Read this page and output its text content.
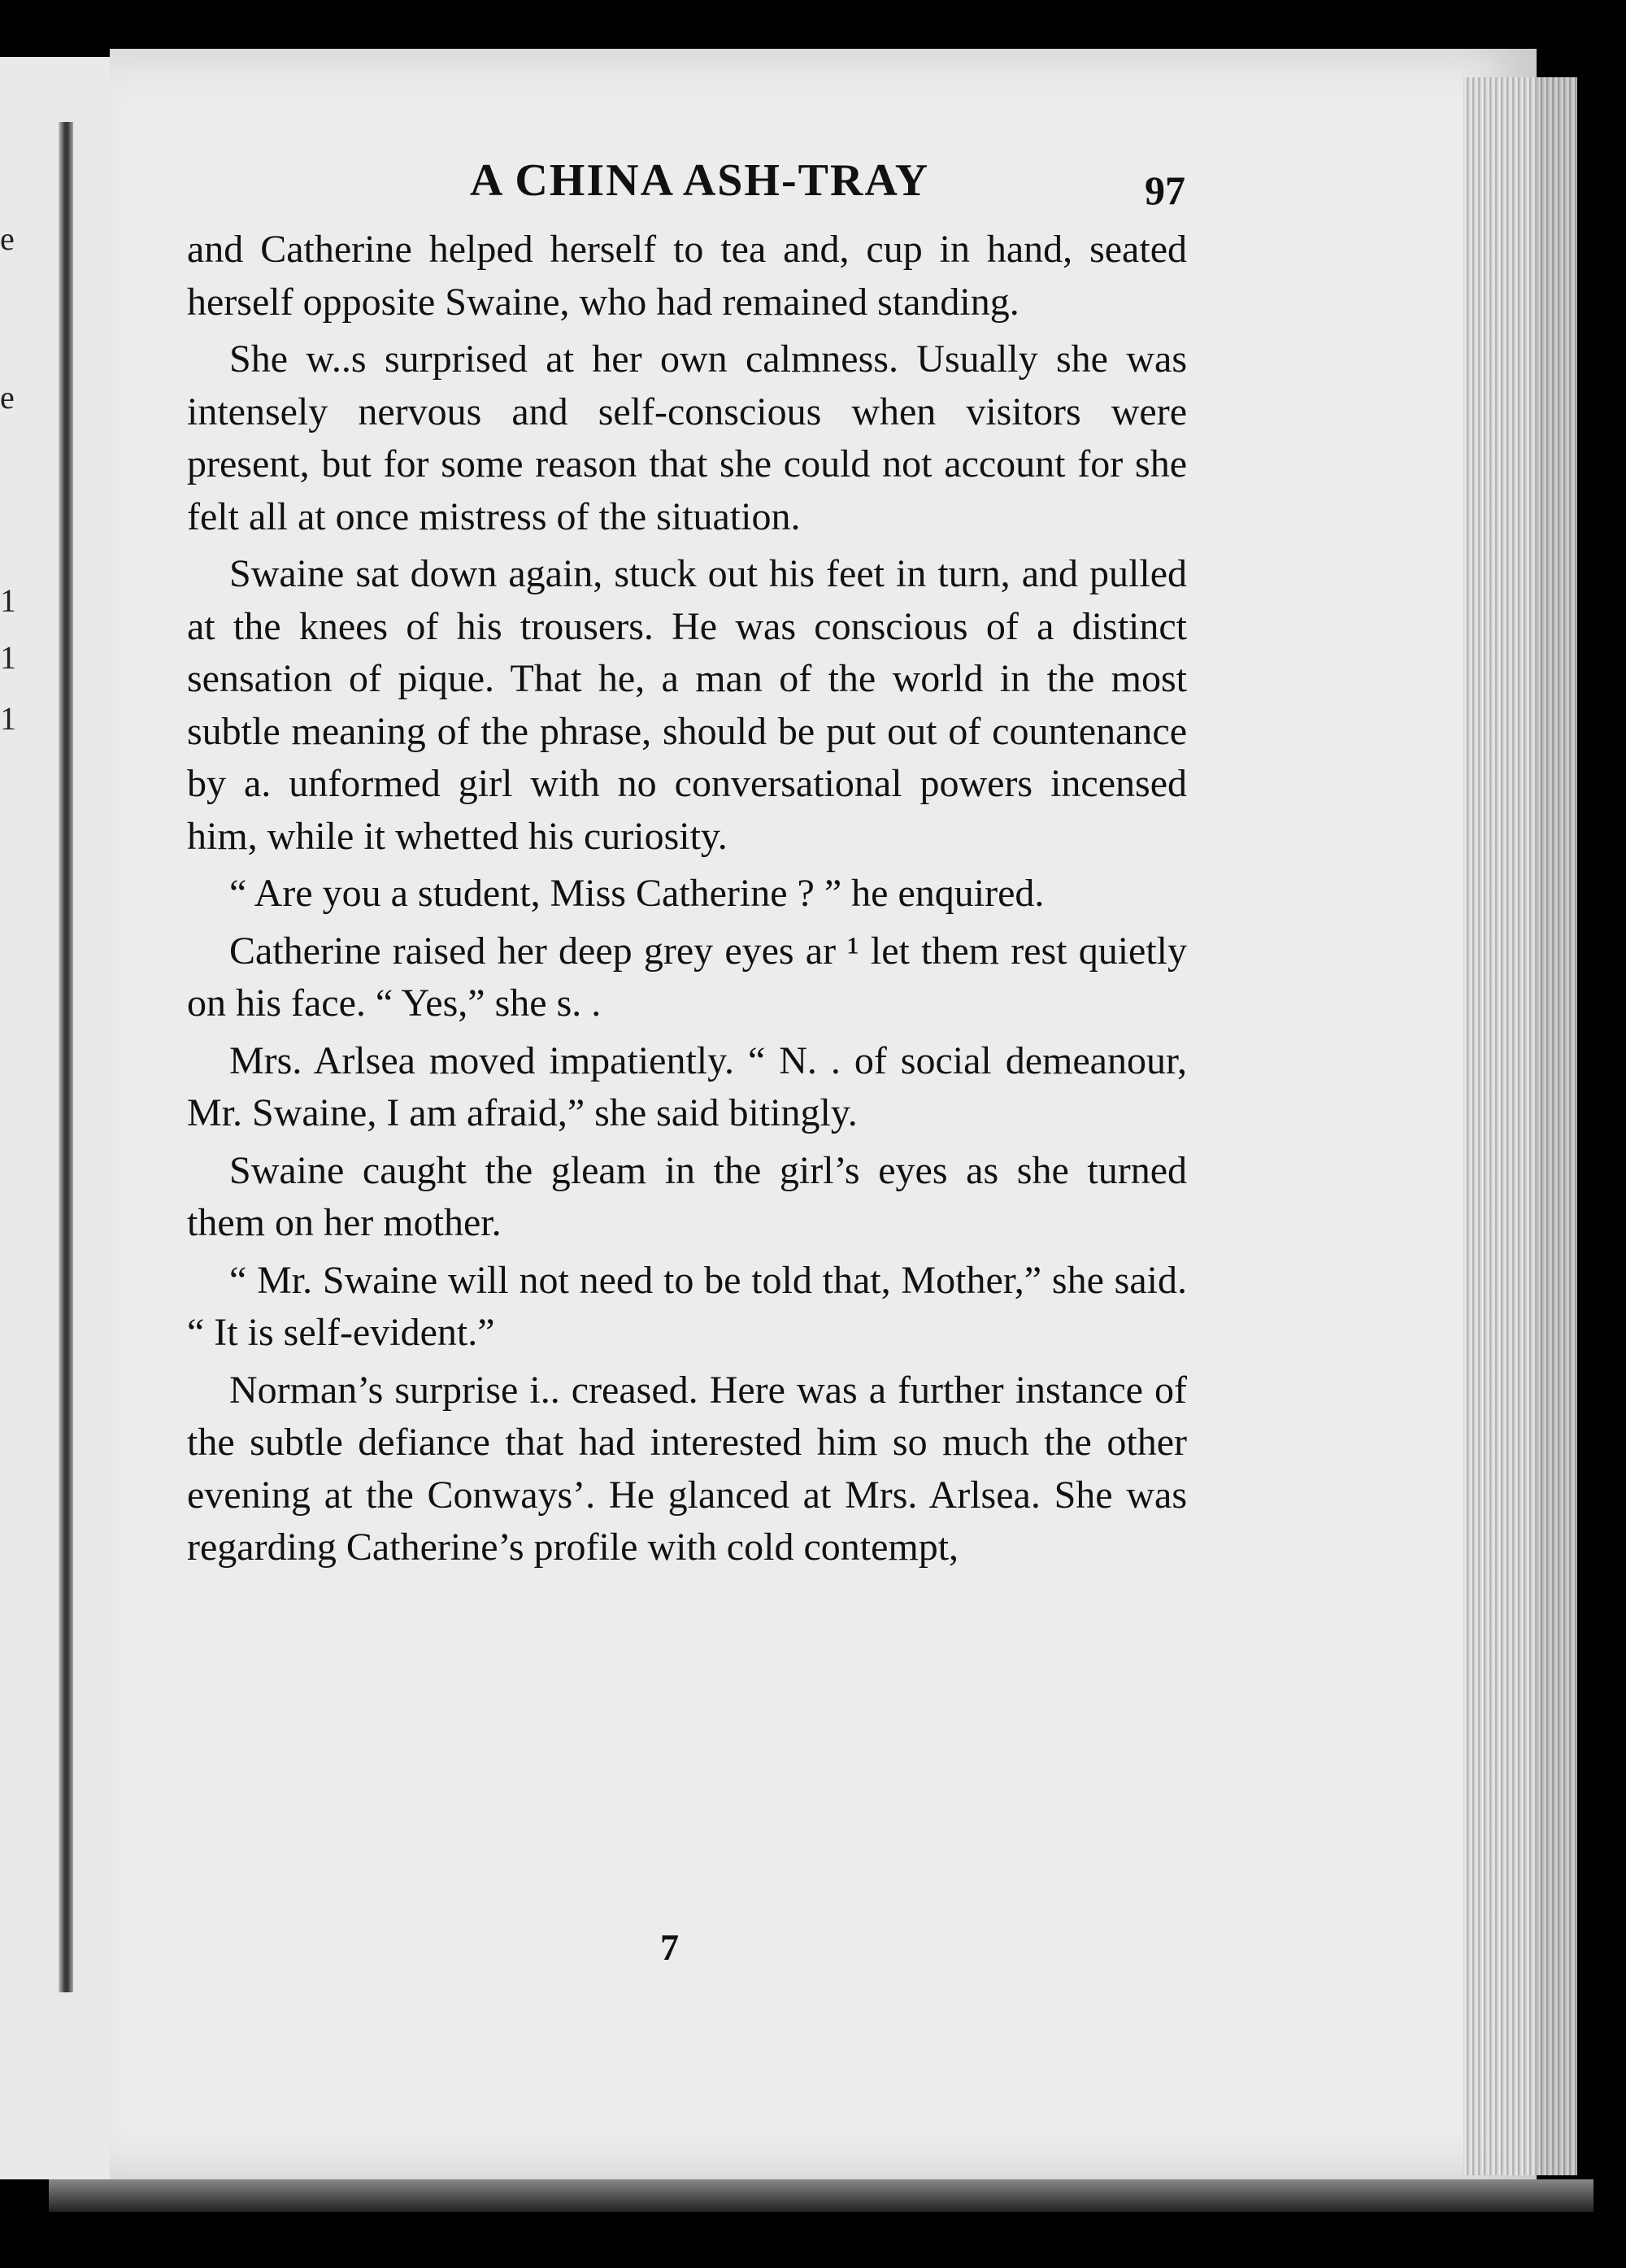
e
e
1
1
1
A CHINA ASH-TRAY	97

and Catherine helped herself to tea and, cup in hand, seated herself opposite Swaine, who had remained standing.

She w..s surprised at her own calmness. Usually she was intensely nervous and self-conscious when visitors were present, but for some reason that she could not account for she felt all at once mistress of the situation.

Swaine sat down again, stuck out his feet in turn, and pulled at the knees of his trousers. He was conscious of a distinct sensation of pique. That he, a man of the world in the most subtle meaning of the phrase, should be put out of countenance by a. unformed girl with no conversational powers incensed him, while it whetted his curiosity.

“ Are you a student, Miss Catherine ? ” he enquired.

Catherine raised her deep grey eyes ar ¹ let them rest quietly on his face. “ Yes,” she s. .

Mrs. Arlsea moved impatiently. “ N. . of social demeanour, Mr. Swaine, I am afraid,” she said bitingly.

Swaine caught the gleam in the girl’s eyes as she turned them on her mother.

“ Mr. Swaine will not need to be told that, Mother,” she said. “ It is self-evident.”

Norman’s surprise i.. creased. Here was a further instance of the subtle defiance that had interested him so much the other evening at the Conways’. He glanced at Mrs. Arlsea. She was regarding Catherine’s profile with cold contempt,

7
